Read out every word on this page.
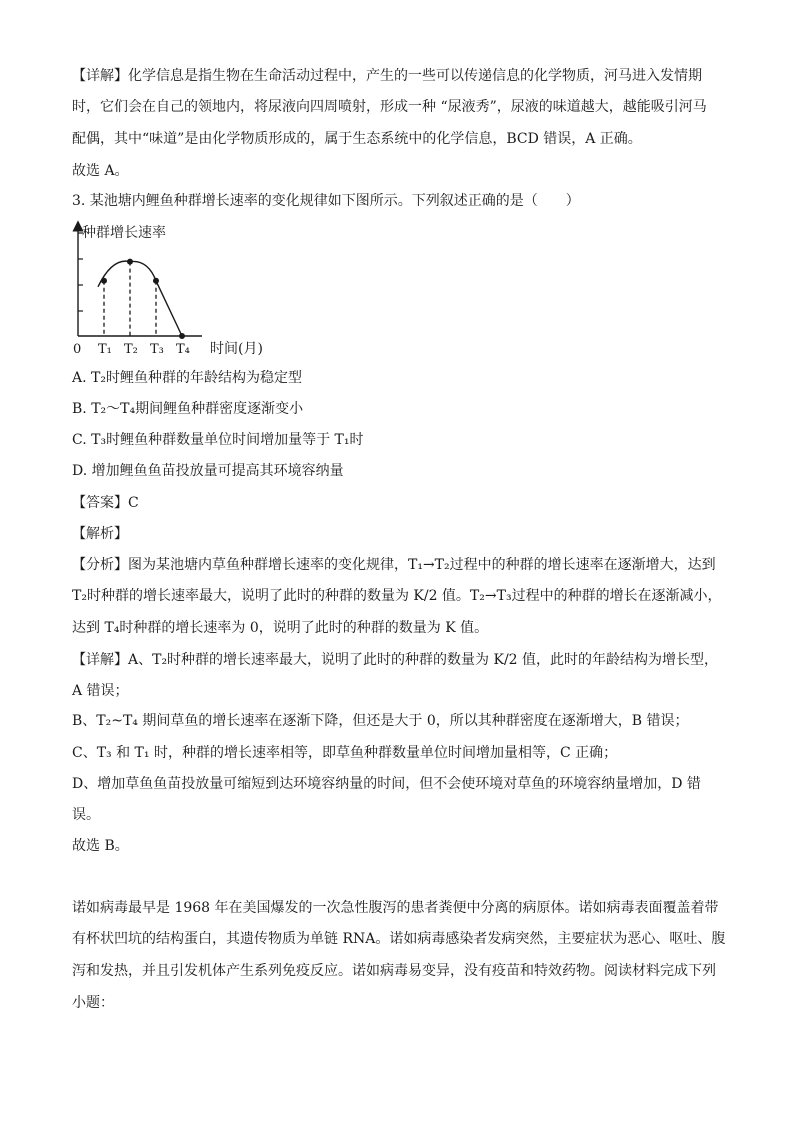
【详解】化学信息是指生物在生命活动过程中，产生的一些可以传递信息的化学物质，河马进入发情期
时，它们会在自己的领地内，将尿液向四周喷射，形成一种 “尿液秀”，尿液的味道越大，越能吸引河马
配偶，其中“味道”是由化学物质形成的，属于生态系统中的化学信息，BCD 错误，A 正确。
故选 A。
3. 某池塘内鲤鱼种群增长速率的变化规律如下图所示。下列叙述正确的是（　　）
种群增长速率
0 T₁ T₂ T₃ T₄ 时间(月)
A. T₂时鲤鱼种群的年龄结构为稳定型
B. T₂～T₄期间鲤鱼种群密度逐渐变小
C. T₃时鲤鱼种群数量单位时间增加量等于 T₁时
D. 增加鲤鱼鱼苗投放量可提高其环境容纳量
【答案】C
【解析】
【分析】图为某池塘内草鱼种群增长速率的变化规律，T₁→T₂过程中的种群的增长速率在逐渐增大，达到
T₂时种群的增长速率最大，说明了此时的种群的数量为 K/2 值。T₂→T₃过程中的种群的增长在逐渐减小，
达到 T₄时种群的增长速率为 0，说明了此时的种群的数量为 K 值。
【详解】A、T₂时种群的增长速率最大，说明了此时的种群的数量为 K/2 值，此时的年龄结构为增长型，
A 错误；
B、T₂~T₄ 期间草鱼的增长速率在逐渐下降，但还是大于 0，所以其种群密度在逐渐增大，B 错误；
C、T₃ 和 T₁ 时，种群的增长速率相等，即草鱼种群数量单位时间增加量相等，C 正确；
D、增加草鱼鱼苗投放量可缩短到达环境容纳量的时间，但不会使环境对草鱼的环境容纳量增加，D 错
误。
故选 B。
诺如病毒最早是 1968 年在美国爆发的一次急性腹泻的患者粪便中分离的病原体。诺如病毒表面覆盖着带
有杯状凹坑的结构蛋白，其遗传物质为单链 RNA。诺如病毒感染者发病突然，主要症状为恶心、呕吐、腹
泻和发热，并且引发机体产生系列免疫反应。诺如病毒易变异，没有疫苗和特效药物。阅读材料完成下列
小题：
